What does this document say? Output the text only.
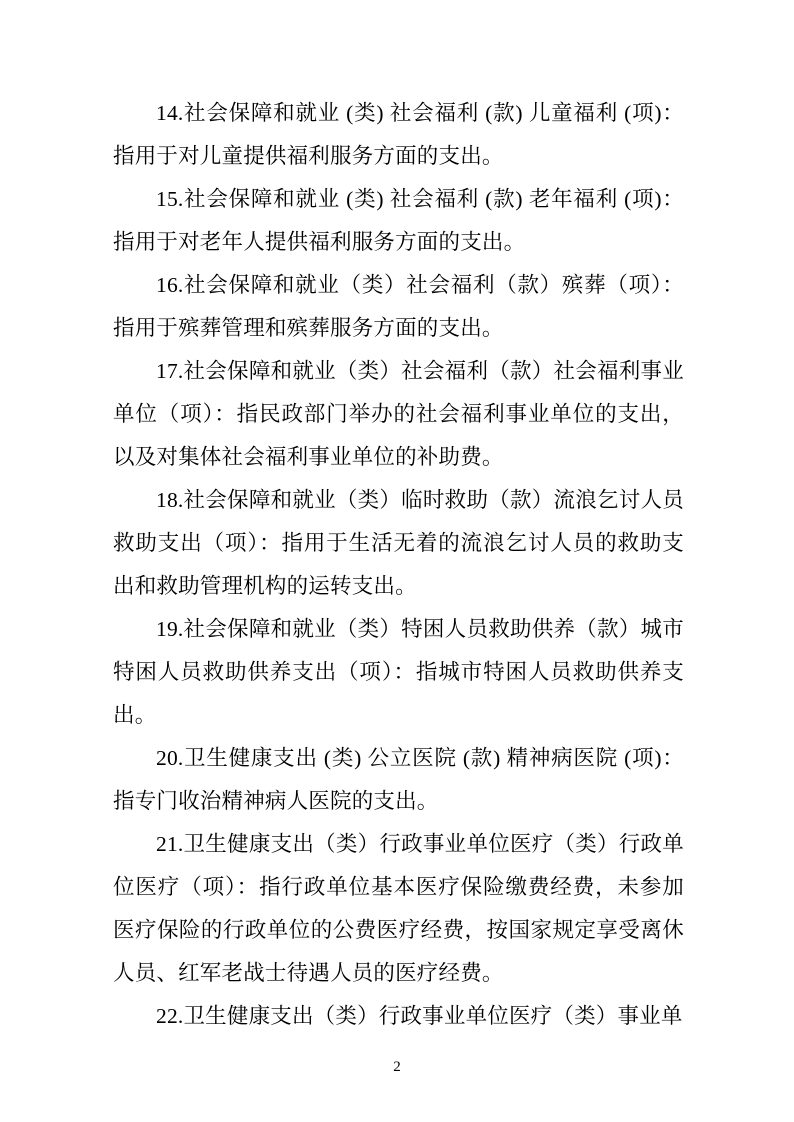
14.社会保障和就业 (类) 社会福利 (款) 儿童福利 (项)：指用于对儿童提供福利服务方面的支出。

15.社会保障和就业 (类) 社会福利 (款) 老年福利 (项)：指用于对老年人提供福利服务方面的支出。

16.社会保障和就业（类）社会福利（款）殡葬（项）：指用于殡葬管理和殡葬服务方面的支出。

17.社会保障和就业（类）社会福利（款）社会福利事业单位（项）：指民政部门举办的社会福利事业单位的支出，以及对集体社会福利事业单位的补助费。

18.社会保障和就业（类）临时救助（款）流浪乞讨人员救助支出（项）：指用于生活无着的流浪乞讨人员的救助支出和救助管理机构的运转支出。

19.社会保障和就业（类）特困人员救助供养（款）城市特困人员救助供养支出（项）：指城市特困人员救助供养支出。

20.卫生健康支出 (类) 公立医院 (款) 精神病医院 (项)：指专门收治精神病人医院的支出。

21.卫生健康支出（类）行政事业单位医疗（类）行政单位医疗（项）：指行政单位基本医疗保险缴费经费，未参加医疗保险的行政单位的公费医疗经费，按国家规定享受离休人员、红军老战士待遇人员的医疗经费。

22.卫生健康支出（类）行政事业单位医疗（类）事业单

2
